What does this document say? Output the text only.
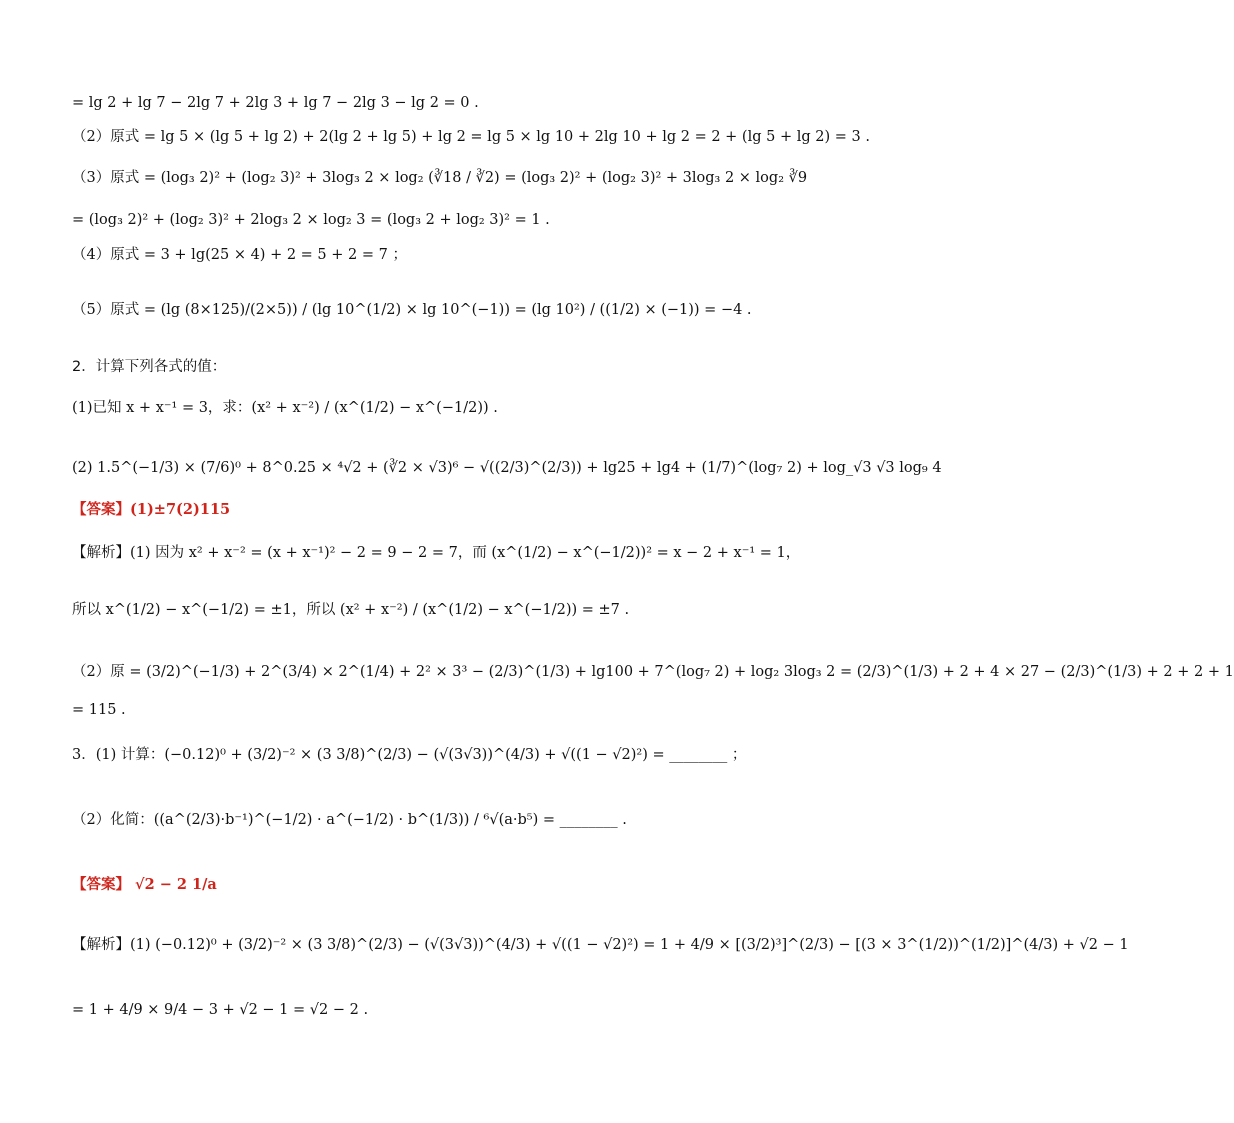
= lg 2 + lg 7 − 2lg 7 + 2lg 3 + lg 7 − 2lg 3 − lg 2 = 0 .
（2）原式 = lg 5 × (lg 5 + lg 2) + 2(lg 2 + lg 5) + lg 2 = lg 5 × lg 10 + 2lg 10 + lg 2 = 2 + (lg 5 + lg 2) = 3 .
（3）原式 = (log₃ 2)² + (log₂ 3)² + 3log₃ 2 × log₂ (∛18 / ∛2) = (log₃ 2)² + (log₂ 3)² + 3log₃ 2 × log₂ ∛9
= (log₃ 2)² + (log₂ 3)² + 2log₃ 2 × log₂ 3 = (log₃ 2 + log₂ 3)² = 1 .
（4）原式 = 3 + lg(25 × 4) + 2 = 5 + 2 = 7 ；
（5）原式 = (lg (8×125)/(2×5)) / (lg 10^(1/2) × lg 10^(−1)) = (lg 10²) / ((1/2) × (−1)) = −4 .
2．计算下列各式的值：
(1)已知 x + x⁻¹ = 3，求：(x² + x⁻²) / (x^(1/2) − x^(−1/2)) .
(2) 1.5^(−1/3) × (7/6)⁰ + 8^0.25 × ⁴√2 + (∛2 × √3)⁶ − √((2/3)^(2/3)) + lg25 + lg4 + (1/7)^(log₇ 2) + log_√3 √3 log₉ 4
【答案】(1)±7(2)115
【解析】(1) 因为 x² + x⁻² = (x + x⁻¹)² − 2 = 9 − 2 = 7，而 (x^(1/2) − x^(−1/2))² = x − 2 + x⁻¹ = 1，
所以 x^(1/2) − x^(−1/2) = ±1，所以 (x² + x⁻²) / (x^(1/2) − x^(−1/2)) = ±7 .
（2）原 = (3/2)^(−1/3) + 2^(3/4) × 2^(1/4) + 2² × 3³ − (2/3)^(1/3) + lg100 + 7^(log₇ 2) + log₂ 3log₃ 2 = (2/3)^(1/3) + 2 + 4 × 27 − (2/3)^(1/3) + 2 + 2 + 1
= 115 .
3．(1) 计算：(−0.12)⁰ + (3/2)⁻² × (3 3/8)^(2/3) − (√(3√3))^(4/3) + √((1 − √2)²) = ________ ；
（2）化简：((a^(2/3)·b⁻¹)^(−1/2) · a^(−1/2) · b^(1/3)) / ⁶√(a·b⁵) = ________ .
【答案】 √2 − 2 1/a
【解析】(1) (−0.12)⁰ + (3/2)⁻² × (3 3/8)^(2/3) − (√(3√3))^(4/3) + √((1 − √2)²) = 1 + 4/9 × [(3/2)³]^(2/3) − [(3 × 3^(1/2))^(1/2)]^(4/3) + √2 − 1
= 1 + 4/9 × 9/4 − 3 + √2 − 1 = √2 − 2 .
